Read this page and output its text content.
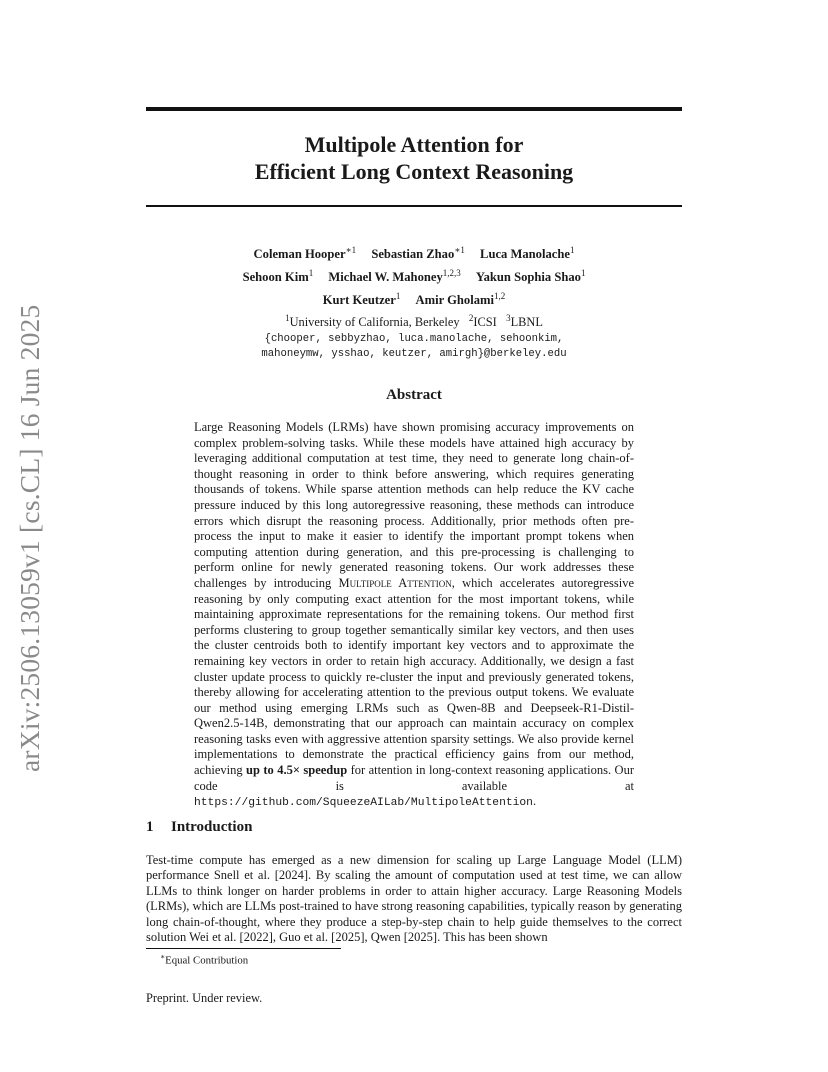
arXiv:2506.13059v1 [cs.CL] 16 Jun 2025
Multipole Attention for
Efficient Long Context Reasoning
Coleman Hooper$^{∗1}$ Sebastian Zhao$^{∗1}$ Luca Manolache$^1$
Sehoon Kim$^1$ Michael W. Mahoney$^{1,2,3}$ Yakun Sophia Shao$^1$
Kurt Keutzer$^1$ Amir Gholami$^{1,2}$
$^1$University of California, Berkeley $^2$ICSI $^3$LBNL
{chooper, sebbyzhao, luca.manolache, sehoonkim,
mahoneymw, ysshao, keutzer, amirgh}@berkeley.edu
Abstract
Large Reasoning Models (LRMs) have shown promising accuracy improvements on complex problem-solving tasks. While these models have attained high accuracy by leveraging additional computation at test time, they need to generate long chain-of-thought reasoning in order to think before answering, which requires generating thousands of tokens. While sparse attention methods can help reduce the KV cache pressure induced by this long autoregressive reasoning, these methods can introduce errors which disrupt the reasoning process. Additionally, prior methods often pre-process the input to make it easier to identify the important prompt tokens when computing attention during generation, and this pre-processing is challenging to perform online for newly generated reasoning tokens. Our work addresses these challenges by introducing Multipole Attention, which accelerates autoregressive reasoning by only computing exact attention for the most important tokens, while maintaining approximate representations for the remaining tokens. Our method first performs clustering to group together semantically similar key vectors, and then uses the cluster centroids both to identify important key vectors and to approximate the remaining key vectors in order to retain high accuracy. Additionally, we design a fast cluster update process to quickly re-cluster the input and previously generated tokens, thereby allowing for accelerating attention to the previous output tokens. We evaluate our method using emerging LRMs such as Qwen-8B and Deepseek-R1-Distil-Qwen2.5-14B, demonstrating that our approach can maintain accuracy on complex reasoning tasks even with aggressive attention sparsity settings. We also provide kernel implementations to demonstrate the practical efficiency gains from our method, achieving up to 4.5× speedup for attention in long-context reasoning applications. Our code is available at https://github.com/SqueezeAILab/MultipoleAttention.
1 Introduction
Test-time compute has emerged as a new dimension for scaling up Large Language Model (LLM) performance Snell et al. [2024]. By scaling the amount of computation used at test time, we can allow LLMs to think longer on harder problems in order to attain higher accuracy. Large Reasoning Models (LRMs), which are LLMs post-trained to have strong reasoning capabilities, typically reason by generating long chain-of-thought, where they produce a step-by-step chain to help guide themselves to the correct solution Wei et al. [2022], Guo et al. [2025], Qwen [2025]. This has been shown
∗Equal Contribution
Preprint. Under review.
